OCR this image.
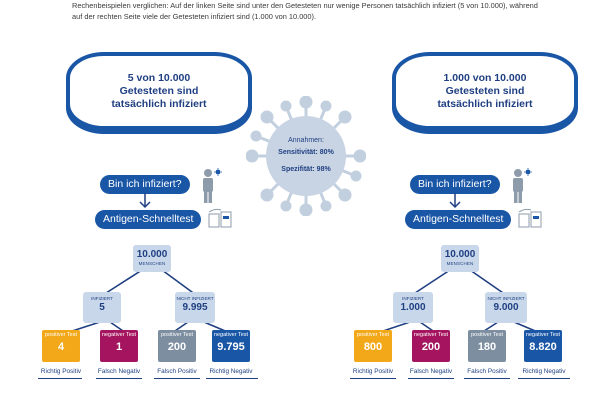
Rechenbeispielen verglichen: Auf der linken Seite sind unter den Getesteten nur wenige Personen tatsächlich infiziert (5 von 10.000), während auf der rechten Seite viele der Getesteten infiziert sind (1.000 von 10.000).
5 von 10.000
Getesteten sind
tatsächlich infiziert
Bin ich infiziert?
Antigen-Schnelltest
10.000
MENSCHEN
INFIZIERT
5
NICHT INFIZIERT
9.995
positiver Test
4
negativer Test
1
positiver Test
200
negativer Test
9.795
Richtig Positiv	Falsch Negativ	Falsch Positiv	Richtig Negativ
Annahmen:
Sensitivität: 80%
Spezifität: 98%
1.000 von 10.000
Getesteten sind
tatsächlich infiziert
Bin ich infiziert?
Antigen-Schnelltest
10.000
MENSCHEN
INFIZIERT
1.000
NICHT INFIZIERT
9.000
positiver Test
800
negativer Test
200
positiver Test
180
negativer Test
8.820
Richtig Positiv	Falsch Negativ	Falsch Positiv	Richtig Negativ
